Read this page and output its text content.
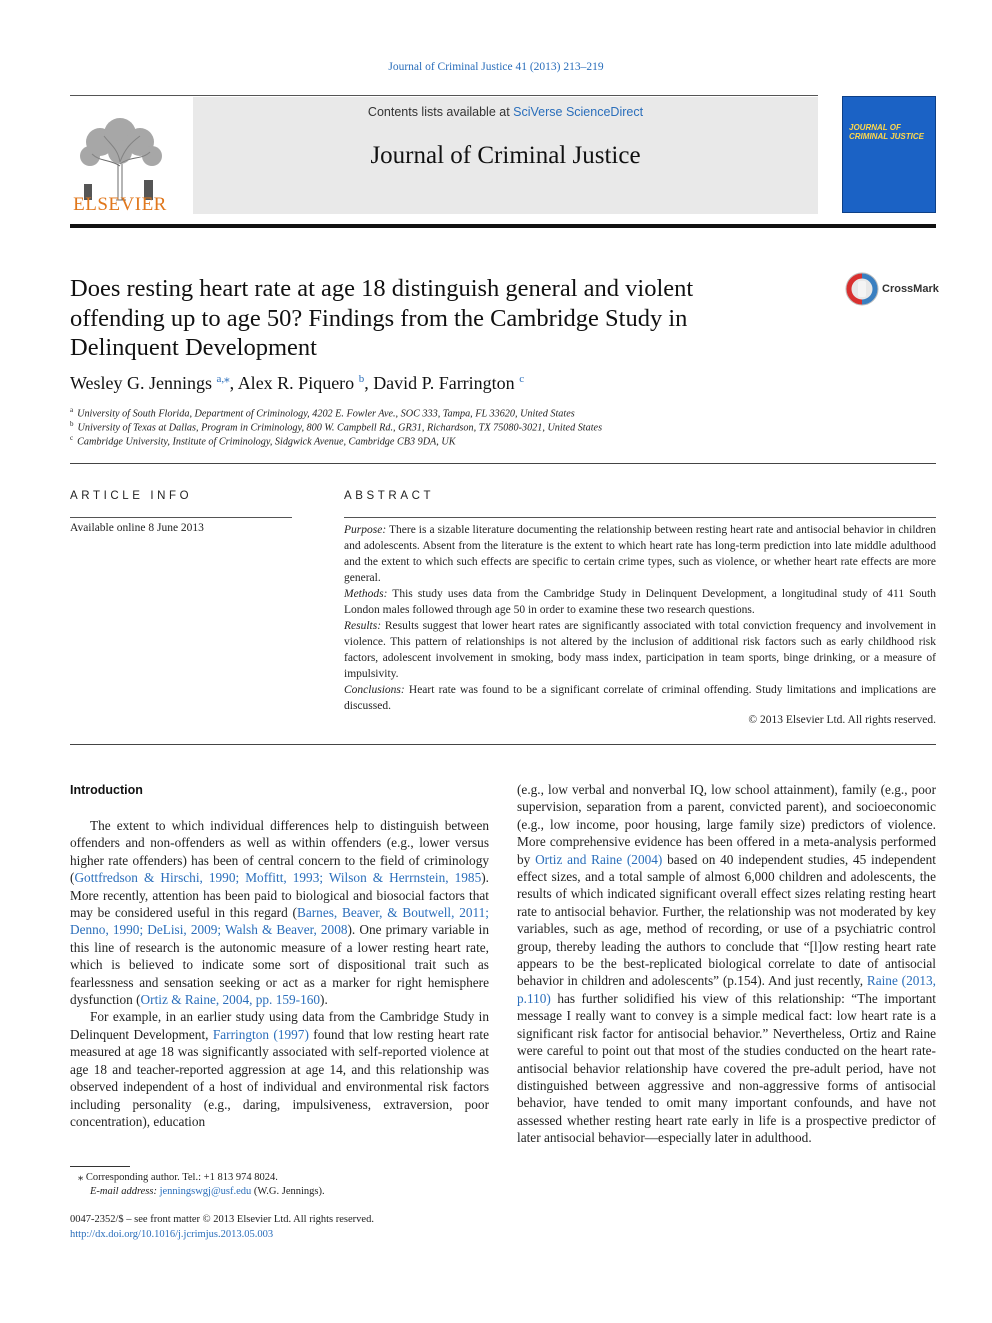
Journal of Criminal Justice 41 (2013) 213–219
Contents lists available at SciVerse ScienceDirect
Journal of Criminal Justice
ELSEVIER
JOURNAL OF CRIMINAL JUSTICE
Does resting heart rate at age 18 distinguish general and violent offending up to age 50? Findings from the Cambridge Study in Delinquent Development
CrossMark
Wesley G. Jennings $^{a,⁎}$, Alex R. Piquero $^b$, David P. Farrington $^c$
$^a$ University of South Florida, Department of Criminology, 4202 E. Fowler Ave., SOC 333, Tampa, FL 33620, United States
$^b$ University of Texas at Dallas, Program in Criminology, 800 W. Campbell Rd., GR31, Richardson, TX 75080-3021, United States
$^c$ Cambridge University, Institute of Criminology, Sidgwick Avenue, Cambridge CB3 9DA, UK
ARTICLE INFO	ABSTRACT
Available online 8 June 2013	Purpose: There is a sizable literature documenting the relationship between resting heart rate and antisocial behavior in children and adolescents. Absent from the literature is the extent to which heart rate has long-term prediction into late middle adulthood and the extent to which such effects are specific to certain crime types, such as violence, or whether heart rate effects are more general.

Methods: This study uses data from the Cambridge Study in Delinquent Development, a longitudinal study of 411 South London males followed through age 50 in order to examine these two research questions.

Results: Results suggest that lower heart rates are significantly associated with total conviction frequency and involvement in violence. This pattern of relationships is not altered by the inclusion of additional risk factors such as early childhood risk factors, adolescent involvement in smoking, body mass index, participation in team sports, binge drinking, or a measure of impulsivity.

Conclusions: Heart rate was found to be a significant correlate of criminal offending. Study limitations and implications are discussed.

© 2013 Elsevier Ltd. All rights reserved.
Introduction

The extent to which individual differences help to distinguish between offenders and non-offenders as well as within offenders (e.g., lower versus higher rate offenders) has been of central concern to the field of criminology (Gottfredson & Hirschi, 1990; Moffitt, 1993; Wilson & Herrnstein, 1985). More recently, attention has been paid to biological and biosocial factors that may be considered useful in this regard (Barnes, Beaver, & Boutwell, 2011; Denno, 1990; DeLisi, 2009; Walsh & Beaver, 2008). One primary variable in this line of research is the autonomic measure of a lower resting heart rate, which is believed to indicate some sort of dispositional trait such as fearlessness and sensation seeking or act as a marker for right hemisphere dysfunction (Ortiz & Raine, 2004, pp. 159-160).

For example, in an earlier study using data from the Cambridge Study in Delinquent Development, Farrington (1997) found that low resting heart rate measured at age 18 was significantly associated with self-reported violence at age 18 and teacher-reported aggression at age 14, and this relationship was observed independent of a host of individual and environmental risk factors including personality (e.g., daring, impulsiveness, extraversion, poor concentration), education

(e.g., low verbal and nonverbal IQ, low school attainment), family (e.g., poor supervision, separation from a parent, convicted parent), and socioeconomic (e.g., low income, poor housing, large family size) predictors of violence. More comprehensive evidence has been offered in a meta-analysis performed by Ortiz and Raine (2004) based on 40 independent studies, 45 independent effect sizes, and a total sample of almost 6,000 children and adolescents, the results of which indicated significant overall effect sizes relating resting heart rate to antisocial behavior. Further, the relationship was not moderated by key variables, such as age, method of recording, or use of a psychiatric control group, thereby leading the authors to conclude that “[l]ow resting heart rate appears to be the best-replicated biological correlate to date of antisocial behavior in children and adolescents” (p.154). And just recently, Raine (2013, p.110) has further solidified his view of this relationship: “The important message I really want to convey is a simple medical fact: low heart rate is a significant risk factor for antisocial behavior.” Nevertheless, Ortiz and Raine were careful to point out that most of the studies conducted on the heart rate-antisocial behavior relationship have covered the pre-adult period, have not distinguished between aggressive and non-aggressive forms of antisocial behavior, have tended to omit many important confounds, and have not assessed whether resting heart rate early in life is a prospective predictor of later antisocial behavior—especially later in adulthood.

⁎ Corresponding author. Tel.: +1 813 974 8024.
E-mail address: jenningswgj@usf.edu (W.G. Jennings).
0047-2352/$ – see front matter © 2013 Elsevier Ltd. All rights reserved.
http://dx.doi.org/10.1016/j.jcrimjus.2013.05.003
